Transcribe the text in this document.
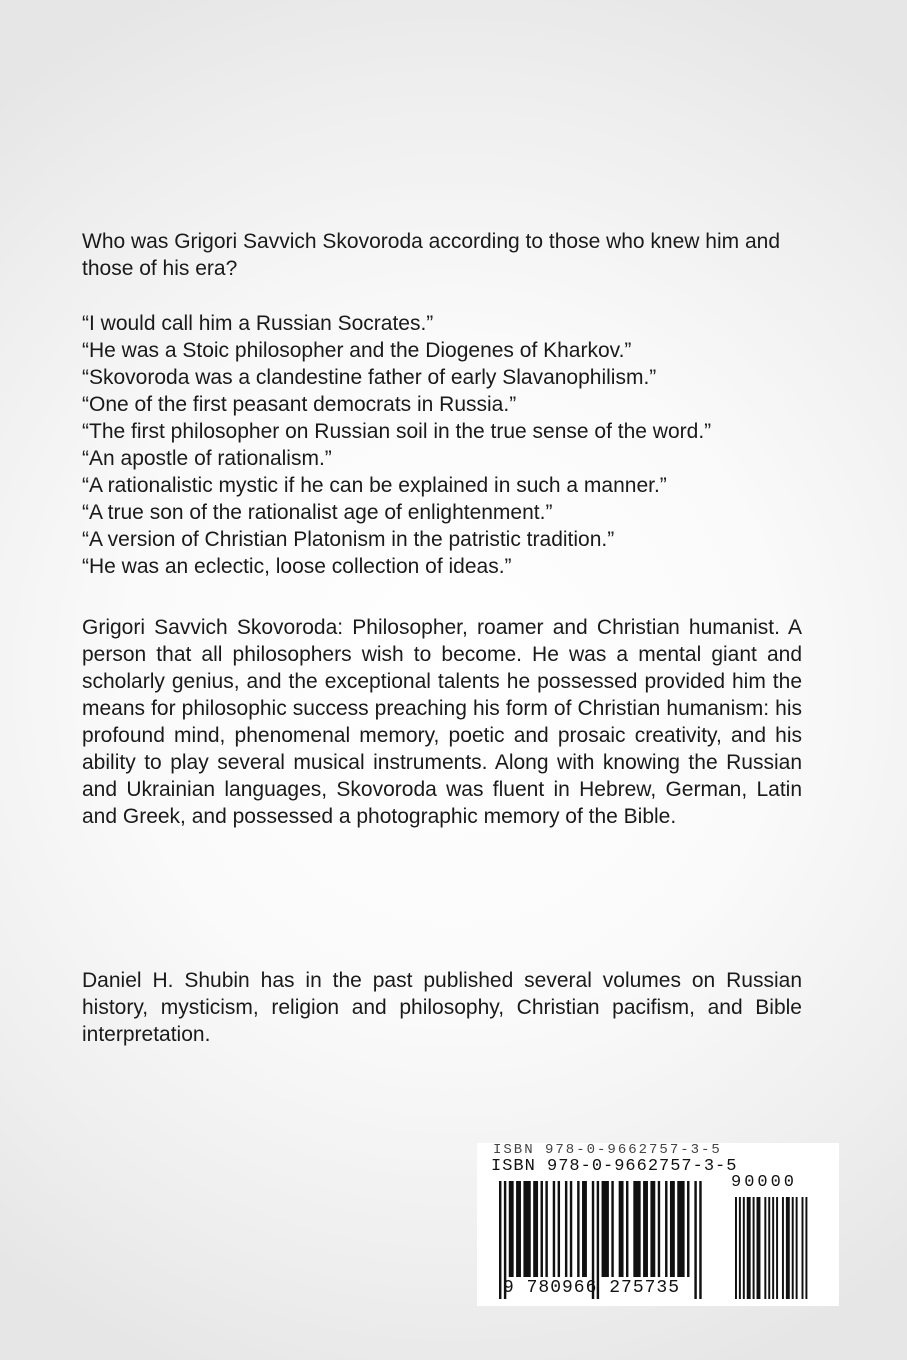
Who was Grigori Savvich Skovoroda according to those who knew him and those of his era?

“I would call him a Russian Socrates.”
“He was a Stoic philosopher and the Diogenes of Kharkov.”
“Skovoroda was a clandestine father of early Slavanophilism.”
“One of the first peasant democrats in Russia.”
“The first philosopher on Russian soil in the true sense of the word.”
“An apostle of rationalism.”
“A rationalistic mystic if he can be explained in such a manner.”
“A true son of the rationalist age of enlightenment.”
“A version of Christian Platonism in the patristic tradition.”
“He was an eclectic, loose collection of ideas.”

Grigori Savvich Skovoroda: Philosopher, roamer and Christian humanist. A person that all philosophers wish to become. He was a mental giant and scholarly genius, and the exceptional talents he possessed provided him the means for philosophic success preaching his form of Christian humanism: his profound mind, phenomenal memory, poetic and prosaic creativity, and his ability to play several musical instruments. Along with knowing the Russian and Ukrainian languages, Skovoroda was fluent in Hebrew, German, Latin and Greek, and possessed a photographic memory of the Bible.

Daniel H. Shubin has in the past published several volumes on Russian history, mysticism, religion and philosophy, Christian pacifism, and Bible interpretation.

ISBN 978-0-9662757-3-5
ISBN 978-0-9662757-3-5
90000
9 780966 275735
